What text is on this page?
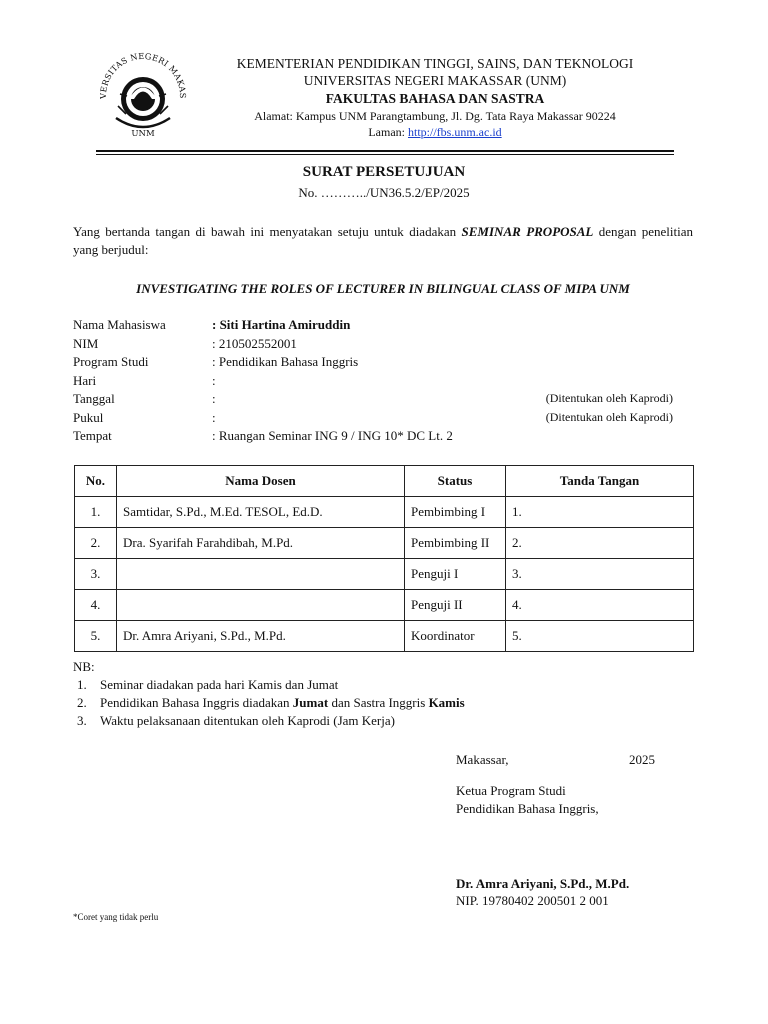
VERSITAS NEGERI MAKAS
UNM
KEMENTERIAN PENDIDIKAN TINGGI, SAINS, DAN TEKNOLOGI
UNIVERSITAS NEGERI MAKASSAR (UNM)
FAKULTAS BAHASA DAN SASTRA
Alamat: Kampus UNM Parangtambung, Jl. Dg. Tata Raya Makassar 90224
Laman: http://fbs.unm.ac.id
SURAT PERSETUJUAN
No. ………../UN36.5.2/EP/2025
Yang bertanda tangan di bawah ini menyatakan setuju untuk diadakan SEMINAR PROPOSAL dengan penelitian yang berjudul:
INVESTIGATING THE ROLES OF LECTURER IN BILINGUAL CLASS OF MIPA UNM
Nama Mahasiswa	: Siti Hartina Amiruddin
NIM	: 210502552001
Program Studi	: Pendidikan Bahasa Inggris
Hari	:
Tanggal	:	(Ditentukan oleh Kaprodi)
Pukul	:	(Ditentukan oleh Kaprodi)
Tempat	: Ruangan Seminar ING 9 / ING 10* DC Lt. 2
No.	Nama Dosen	Status	Tanda Tangan
1.	Samtidar, S.Pd., M.Ed. TESOL, Ed.D.	Pembimbing I	1.
2.	Dra. Syarifah Farahdibah, M.Pd.	Pembimbing II	2.
3.		Penguji I	3.
4.		Penguji II	4.
5.	Dr. Amra Ariyani, S.Pd., M.Pd.	Koordinator	5.
NB:
1. Seminar diadakan pada hari Kamis dan Jumat
2. Pendidikan Bahasa Inggris diadakan Jumat dan Sastra Inggris Kamis
3. Waktu pelaksanaan ditentukan oleh Kaprodi (Jam Kerja)
Makassar,	2025
Ketua Program Studi
Pendidikan Bahasa Inggris,
Dr. Amra Ariyani, S.Pd., M.Pd.
NIP. 19780402 200501 2 001
*Coret yang tidak perlu
